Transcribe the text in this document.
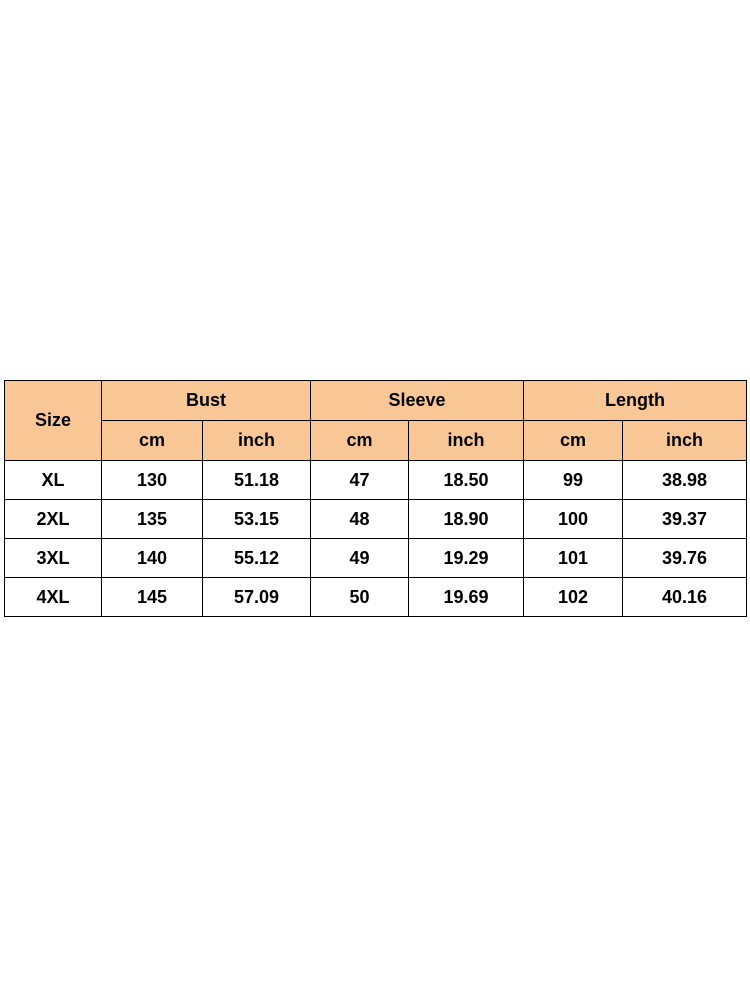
Size	Bust		Sleeve		Length	
	cm	inch	cm	inch	cm	inch
XL	130	51.18	47	18.50	99	38.98
2XL	135	53.15	48	18.90	100	39.37
3XL	140	55.12	49	19.29	101	39.76
4XL	145	57.09	50	19.69	102	40.16
